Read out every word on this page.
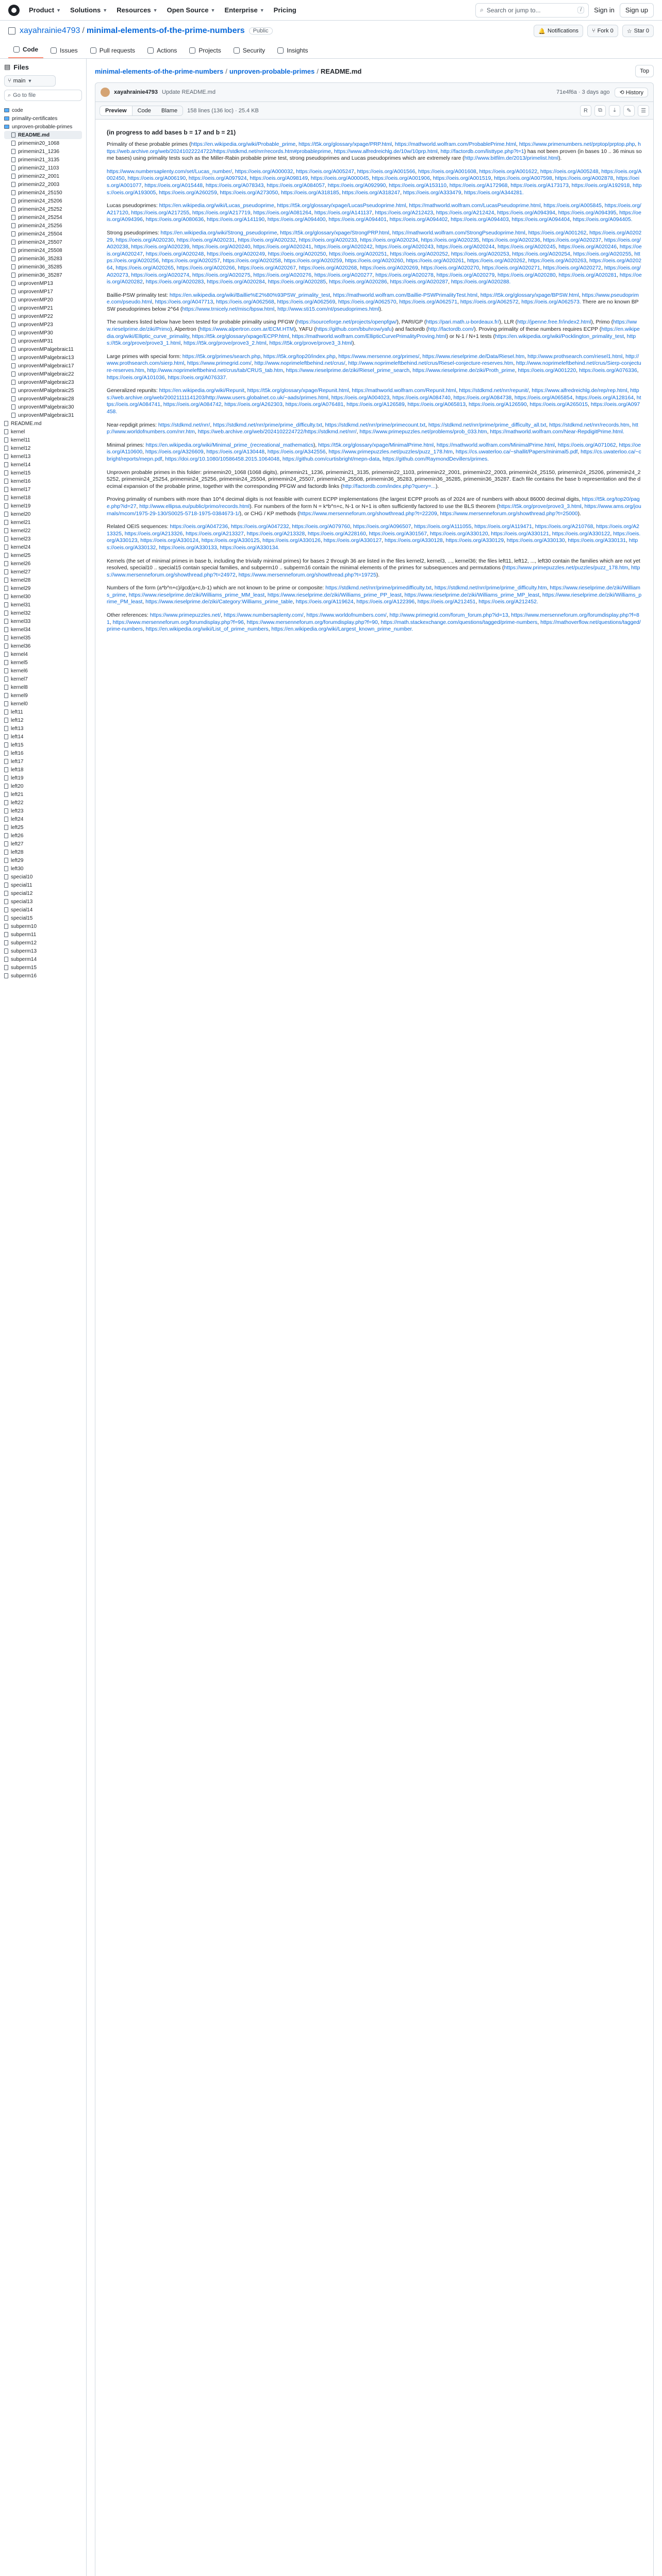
Product ▼ Solutions ▼ Resources ▼ Open Source ▼ Enterprise ▼ Pricing	⌕ Search or jump to...	/	Sign in	Sign up
xayahrainie4793 / minimal-elements-of-the-prime-numbers	Public	🔔 Notifications ⑂ Fork 0 ☆ Star 0
Code	Issues	Pull requests	Actions	Projects	Security	Insights
▤ Files
⑂ main ▼
⌕ Go to file
code
primality-certificates
unproven-probable-primes
README.md
primemin20_1068
primemin21_1236
primemin21_3135
primemin22_1103
primemin22_2001
primemin22_2003
primemin24_25150
primemin24_25206
primemin24_25252
primemin24_25254
primemin24_25256
primemin24_25504
primemin24_25507
primemin24_25508
primemin36_35283
primemin36_35285
primemin36_35287
unprovenMP13
unprovenMP17
unprovenMP20
unprovenMP21
unprovenMP22
unprovenMP23
unprovenMP30
unprovenMP31
unprovenMPalgebraic11
unprovenMPalgebraic13
unprovenMPalgebraic17
unprovenMPalgebraic22
unprovenMPalgebraic23
unprovenMPalgebraic25
unprovenMPalgebraic28
unprovenMPalgebraic30
unprovenMPalgebraic31
README.md
kernel
kernel11
kernel12
kernel13
kernel14
kernel15
kernel16
kernel17
kernel18
kernel19
kernel20
kernel21
kernel22
kernel23
kernel24
kernel25
kernel26
kernel27
kernel28
kernel29
kernel30
kernel31
kernel32
kernel33
kernel34
kernel35
kernel36
kernel4
kernel5
kernel6
kernel7
kernel8
kernel9
kernel0
left11
left12
left13
left14
left15
left16
left17
left18
left19
left20
left21
left22
left23
left24
left25
left26
left27
left28
left29
left30
special10
special11
special12
special13
special14
special15
subperm10
subperm11
subperm12
subperm13
subperm14
subperm15
subperm16
minimal-elements-of-the-prime-numbers / unproven-probable-primes / README.md	Top
xayahrainie4793 Update README.md	71e4f6a · 3 days ago	⟲ History
Preview	Code	Blame	158 lines (136 loc) · 25.4 KB	R	⧉	⤓	✎	☰
(in progress to add bases b = 17 and b = 21)

Primality of these probable primes (https://en.wikipedia.org/wiki/Probable_prime, https://t5k.org/glossary/xpage/PRP.html, https://mathworld.wolfram.com/ProbablePrime.html, https://www.primenumbers.net/prptop/prptop.php, https://web.archive.org/web/20241022224722/https://stdkmd.net/nrr/records.htm#probableprime, https://www.alfredreichlg.de/10w/10prp.html, http://factordb.com/listtype.php?t=1) has not been proven (in bases 10 .. 36 minus some bases) using primality tests such as the Miller-Rabin probable prime test, strong pseudoprimes and Lucas pseudoprimes which are extremely rare (http://www.bitfilm.de/2013/primelist.html).

https://www.numbersaplenty.com/set/Lucas_number/, https://oeis.org/A000032, https://oeis.org/A005247, https://oeis.org/A001566, https://oeis.org/A001608, https://oeis.org/A001622, https://oeis.org/A005248, https://oeis.org/A002450, https://oeis.org/A006190, https://oeis.org/A097924, https://oeis.org/A098149, https://oeis.org/A000045, https://oeis.org/A001906, https://oeis.org/A001519, https://oeis.org/A007598, https://oeis.org/A002878, https://oeis.org/A001077, https://oeis.org/A015448, https://oeis.org/A078343, https://oeis.org/A084057, https://oeis.org/A092990, https://oeis.org/A153110, https://oeis.org/A172968, https://oeis.org/A173173, https://oeis.org/A192918, https://oeis.org/A193005, https://oeis.org/A260259, https://oeis.org/A273050, https://oeis.org/A318185, https://oeis.org/A318247, https://oeis.org/A333479, https://oeis.org/A344281.

Lucas pseudoprimes: https://en.wikipedia.org/wiki/Lucas_pseudoprime, https://t5k.org/glossary/xpage/LucasPseudoprime.html, https://mathworld.wolfram.com/LucasPseudoprime.html, https://oeis.org/A005845, https://oeis.org/A217120, https://oeis.org/A217255, https://oeis.org/A217719, https://oeis.org/A081264, https://oeis.org/A141137, https://oeis.org/A212423, https://oeis.org/A212424, https://oeis.org/A094394, https://oeis.org/A094395, https://oeis.org/A094396, https://oeis.org/A080636, https://oeis.org/A141190, https://oeis.org/A094400, https://oeis.org/A094401, https://oeis.org/A094402, https://oeis.org/A094403, https://oeis.org/A094404, https://oeis.org/A094405.

Strong pseudoprimes: https://en.wikipedia.org/wiki/Strong_pseudoprime, https://t5k.org/glossary/xpage/StrongPRP.html, https://mathworld.wolfram.com/StrongPseudoprime.html, https://oeis.org/A001262, https://oeis.org/A020229, https://oeis.org/A020230, https://oeis.org/A020231, https://oeis.org/A020232, https://oeis.org/A020233, https://oeis.org/A020234, https://oeis.org/A020235, https://oeis.org/A020236, https://oeis.org/A020237, https://oeis.org/A020238, https://oeis.org/A020239, https://oeis.org/A020240, https://oeis.org/A020241, https://oeis.org/A020242, https://oeis.org/A020243, https://oeis.org/A020244, https://oeis.org/A020245, https://oeis.org/A020246, https://oeis.org/A020247, https://oeis.org/A020248, https://oeis.org/A020249, https://oeis.org/A020250, https://oeis.org/A020251, https://oeis.org/A020252, https://oeis.org/A020253, https://oeis.org/A020254, https://oeis.org/A020255, https://oeis.org/A020256, https://oeis.org/A020257, https://oeis.org/A020258, https://oeis.org/A020259, https://oeis.org/A020260, https://oeis.org/A020261, https://oeis.org/A020262, https://oeis.org/A020263, https://oeis.org/A020264, https://oeis.org/A020265, https://oeis.org/A020266, https://oeis.org/A020267, https://oeis.org/A020268, https://oeis.org/A020269, https://oeis.org/A020270, https://oeis.org/A020271, https://oeis.org/A020272, https://oeis.org/A020273, https://oeis.org/A020274, https://oeis.org/A020275, https://oeis.org/A020276, https://oeis.org/A020277, https://oeis.org/A020278, https://oeis.org/A020279, https://oeis.org/A020280, https://oeis.org/A020281, https://oeis.org/A020282, https://oeis.org/A020283, https://oeis.org/A020284, https://oeis.org/A020285, https://oeis.org/A020286, https://oeis.org/A020287, https://oeis.org/A020288.

Baillie-PSW primality test: https://en.wikipedia.org/wiki/Baillie%E2%80%93PSW_primality_test, https://mathworld.wolfram.com/Baillie-PSWPrimalityTest.html, https://t5k.org/glossary/xpage/BPSW.html, https://www.pseudoprime.com/pseudo.html, https://oeis.org/A047713, https://oeis.org/A062568, https://oeis.org/A062569, https://oeis.org/A062570, https://oeis.org/A062571, https://oeis.org/A062572, https://oeis.org/A062573. There are no known BPSW pseudoprimes below 2^64 (https://www.trnicely.net/misc/bpsw.html, http://www.sti15.com/nt/pseudoprimes.html).

The numbers listed below have been tested for probable primality using PFGW (https://sourceforge.net/projects/openpfgw/), PARI/GP (https://pari.math.u-bordeaux.fr/), LLR (http://jpenne.free.fr/index2.html), Primo (https://www.rieselprime.de/ziki/Primo), Alpertron (https://www.alpertron.com.ar/ECM.HTM), YAFU (https://github.com/bbuhrow/yafu) and factordb (http://factordb.com/). Proving primality of these numbers requires ECPP (https://en.wikipedia.org/wiki/Elliptic_curve_primality, https://t5k.org/glossary/xpage/ECPP.html, https://mathworld.wolfram.com/EllipticCurvePrimalityProving.html) or N-1 / N+1 tests (https://en.wikipedia.org/wiki/Pocklington_primality_test, https://t5k.org/prove/prove3_1.html, https://t5k.org/prove/prove3_2.html, https://t5k.org/prove/prove3_3.html).

Large primes with special form: https://t5k.org/primes/search.php, https://t5k.org/top20/index.php, https://www.mersenne.org/primes/, https://www.rieselprime.de/Data/Riesel.htm, http://www.prothsearch.com/riesel1.html, http://www.prothsearch.com/sierp.html, https://www.primegrid.com/, http://www.noprimeleftbehind.net/crus/, http://www.noprimeleftbehind.net/crus/Riesel-conjecture-reserves.htm, http://www.noprimeleftbehind.net/crus/Sierp-conjecture-reserves.htm, http://www.noprimeleftbehind.net/crus/tab/CRUS_tab.htm, https://www.rieselprime.de/ziki/Riesel_prime_search, https://www.rieselprime.de/ziki/Proth_prime, https://oeis.org/A001220, https://oeis.org/A076336, https://oeis.org/A101036, https://oeis.org/A076337.

Generalized repunits: https://en.wikipedia.org/wiki/Repunit, https://t5k.org/glossary/xpage/Repunit.html, https://mathworld.wolfram.com/Repunit.html, https://stdkmd.net/nrr/repunit/, https://www.alfredreichlg.de/rep/rep.html, https://web.archive.org/web/20021111141203/http://www.users.globalnet.co.uk/~aads/primes.html, https://oeis.org/A004023, https://oeis.org/A084740, https://oeis.org/A084738, https://oeis.org/A065854, https://oeis.org/A128164, https://oeis.org/A084741, https://oeis.org/A084742, https://oeis.org/A262303, https://oeis.org/A076481, https://oeis.org/A126589, https://oeis.org/A065813, https://oeis.org/A126590, https://oeis.org/A265015, https://oeis.org/A097458.

Near-repdigit primes: https://stdkmd.net/nrr/, https://stdkmd.net/nrr/prime/prime_difficulty.txt, https://stdkmd.net/nrr/prime/primecount.txt, https://stdkmd.net/nrr/prime/prime_difficulty_all.txt, https://stdkmd.net/nrr/records.htm, http://www.worldofnumbers.com/nrr.htm, https://web.archive.org/web/2024102224722/https://stdkmd.net/nrr/, https://www.primepuzzles.net/problems/prob_033.htm, https://mathworld.wolfram.com/Near-RepdigitPrime.html.

Minimal primes: https://en.wikipedia.org/wiki/Minimal_prime_(recreational_mathematics), https://t5k.org/glossary/xpage/MinimalPrime.html, https://mathworld.wolfram.com/MinimalPrime.html, https://oeis.org/A071062, https://oeis.org/A110600, https://oeis.org/A326609, https://oeis.org/A130448, https://oeis.org/A342556, https://www.primepuzzles.net/puzzles/puzz_178.htm, https://cs.uwaterloo.ca/~shallit/Papers/minimal5.pdf, https://cs.uwaterloo.ca/~cbright/reports/mepn.pdf, https://doi.org/10.1080/10586458.2015.1064048, https://github.com/curtisbright/mepn-data, https://github.com/RaymondDevillers/primes.

Unproven probable primes in this folder: primemin20_1068 (1068 digits), primemin21_1236, primemin21_3135, primemin22_1103, primemin22_2001, primemin22_2003, primemin24_25150, primemin24_25206, primemin24_25252, primemin24_25254, primemin24_25256, primemin24_25504, primemin24_25507, primemin24_25508, primemin36_35283, primemin36_35285, primemin36_35287. Each file contains the base b representation and the decimal expansion of the probable prime, together with the corresponding PFGW and factordb links (http://factordb.com/index.php?query=...).

Proving primality of numbers with more than 10^4 decimal digits is not feasible with current ECPP implementations (the largest ECPP proofs as of 2024 are of numbers with about 86000 decimal digits, https://t5k.org/top20/page.php?id=27, http://www.ellipsa.eu/public/primo/records.html). For numbers of the form N = k*b^n+c, N-1 or N+1 is often sufficiently factored to use the BLS theorem (https://t5k.org/prove/prove3_3.html, https://www.ams.org/journals/mcom/1975-29-130/S0025-5718-1975-0384673-1/), or CHG / KP methods (https://www.mersenneforum.org/showthread.php?t=22209, https://www.mersenneforum.org/showthread.php?t=25000).

Related OEIS sequences: https://oeis.org/A047236, https://oeis.org/A047232, https://oeis.org/A079760, https://oeis.org/A096507, https://oeis.org/A111055, https://oeis.org/A119471, https://oeis.org/A210768, https://oeis.org/A213325, https://oeis.org/A213326, https://oeis.org/A213327, https://oeis.org/A213328, https://oeis.org/A228160, https://oeis.org/A301567, https://oeis.org/A330120, https://oeis.org/A330121, https://oeis.org/A330122, https://oeis.org/A330123, https://oeis.org/A330124, https://oeis.org/A330125, https://oeis.org/A330126, https://oeis.org/A330127, https://oeis.org/A330128, https://oeis.org/A330129, https://oeis.org/A330130, https://oeis.org/A330131, https://oeis.org/A330132, https://oeis.org/A330133, https://oeis.org/A330134.

Kernels (the set of minimal primes in base b, including the trivially minimal primes) for bases 2 through 36 are listed in the files kernel2, kernel3, ..., kernel36; the files left11, left12, ..., left30 contain the families which are not yet resolved, special10 .. special15 contain special families, and subperm10 .. subperm16 contain the minimal elements of the primes for subsequences and permutations (https://www.primepuzzles.net/puzzles/puzz_178.htm, https://www.mersenneforum.org/showthread.php?t=24972, https://www.mersenneforum.org/showthread.php?t=19725).

Numbers of the form (a*b^n+c)/gcd(a+c,b-1) which are not known to be prime or composite: https://stdkmd.net/nrr/prime/primedifficulty.txt, https://stdkmd.net/nrr/prime/prime_difficulty.htm, https://www.rieselprime.de/ziki/Williams_prime, https://www.rieselprime.de/ziki/Williams_prime_MM_least, https://www.rieselprime.de/ziki/Williams_prime_PP_least, https://www.rieselprime.de/ziki/Williams_prime_MP_least, https://www.rieselprime.de/ziki/Williams_prime_PM_least, https://www.rieselprime.de/ziki/Category:Williams_prime_table, https://oeis.org/A119624, https://oeis.org/A122396, https://oeis.org/A212451, https://oeis.org/A212452.

Other references: https://www.primepuzzles.net/, https://www.numbersaplenty.com/, https://www.worldofnumbers.com/, http://www.primegrid.com/forum_forum.php?id=13, https://www.mersenneforum.org/forumdisplay.php?f=81, https://www.mersenneforum.org/forumdisplay.php?f=96, https://www.mersenneforum.org/forumdisplay.php?f=90, https://math.stackexchange.com/questions/tagged/prime-numbers, https://mathoverflow.net/questions/tagged/prime-numbers, https://en.wikipedia.org/wiki/List_of_prime_numbers, https://en.wikipedia.org/wiki/Largest_known_prime_number.
